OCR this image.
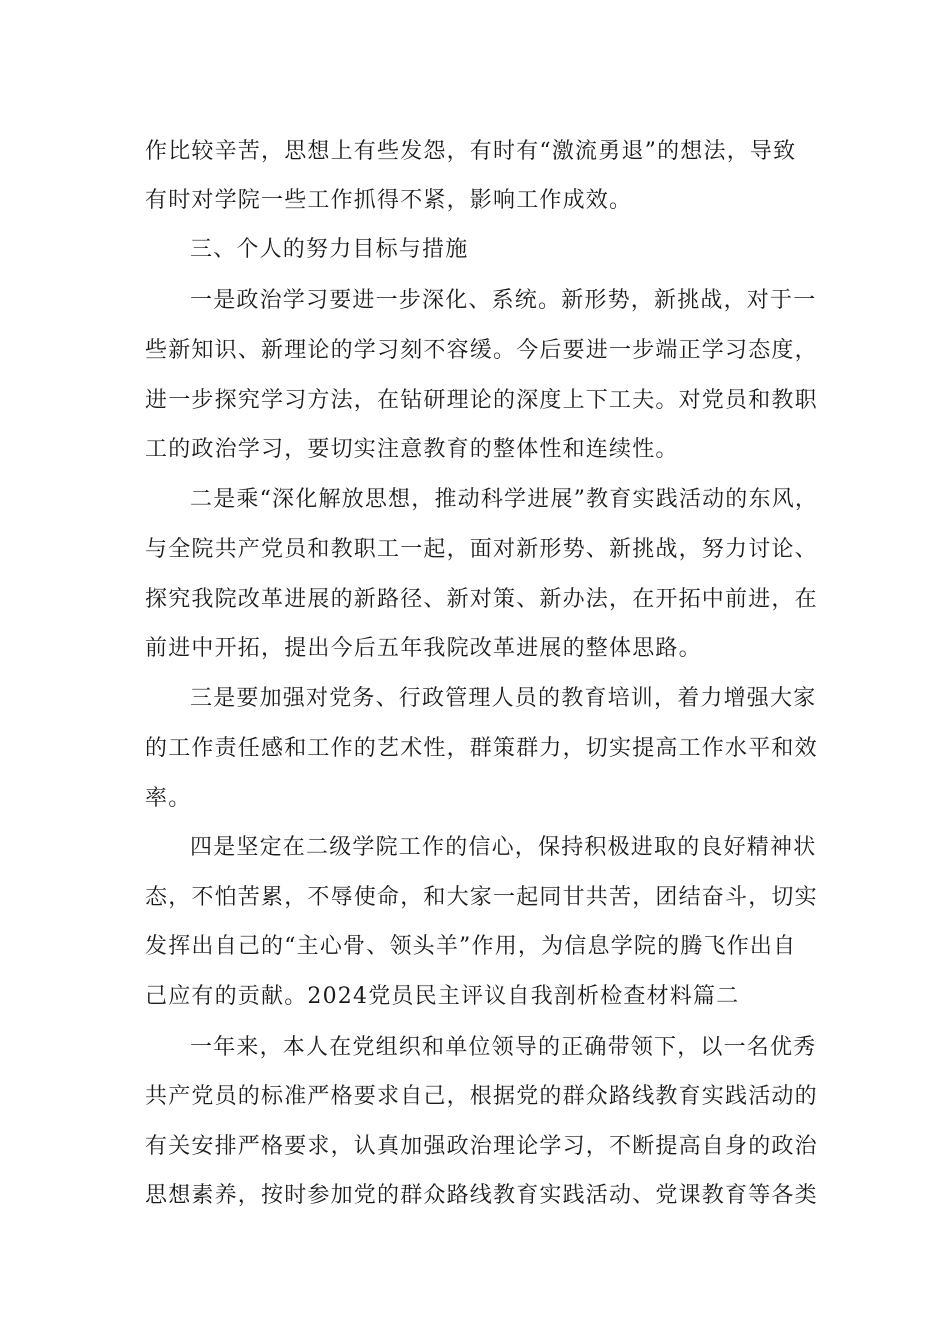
作比较辛苦，思想上有些发怨，有时有“激流勇退”的想法，导致
有时对学院一些工作抓得不紧，影响工作成效。
三、个人的努力目标与措施
一是政治学习要进一步深化、系统。新形势，新挑战，对于一
些新知识、新理论的学习刻不容缓。今后要进一步端正学习态度，
进一步探究学习方法，在钻研理论的深度上下工夫。对党员和教职
工的政治学习，要切实注意教育的整体性和连续性。
二是乘“深化解放思想，推动科学进展”教育实践活动的东风，
与全院共产党员和教职工一起，面对新形势、新挑战，努力讨论、
探究我院改革进展的新路径、新对策、新办法，在开拓中前进，在
前进中开拓，提出今后五年我院改革进展的整体思路。
三是要加强对党务、行政管理人员的教育培训，着力增强大家
的工作责任感和工作的艺术性，群策群力，切实提高工作水平和效
率。
四是坚定在二级学院工作的信心，保持积极进取的良好精神状
态，不怕苦累，不辱使命，和大家一起同甘共苦，团结奋斗，切实
发挥出自己的“主心骨、领头羊”作用，为信息学院的腾飞作出自
己应有的贡献。2024党员民主评议自我剖析检查材料篇二
一年来，本人在党组织和单位领导的正确带领下，以一名优秀
共产党员的标准严格要求自己，根据党的群众路线教育实践活动的
有关安排严格要求，认真加强政治理论学习，不断提高自身的政治
思想素养，按时参加党的群众路线教育实践活动、党课教育等各类
